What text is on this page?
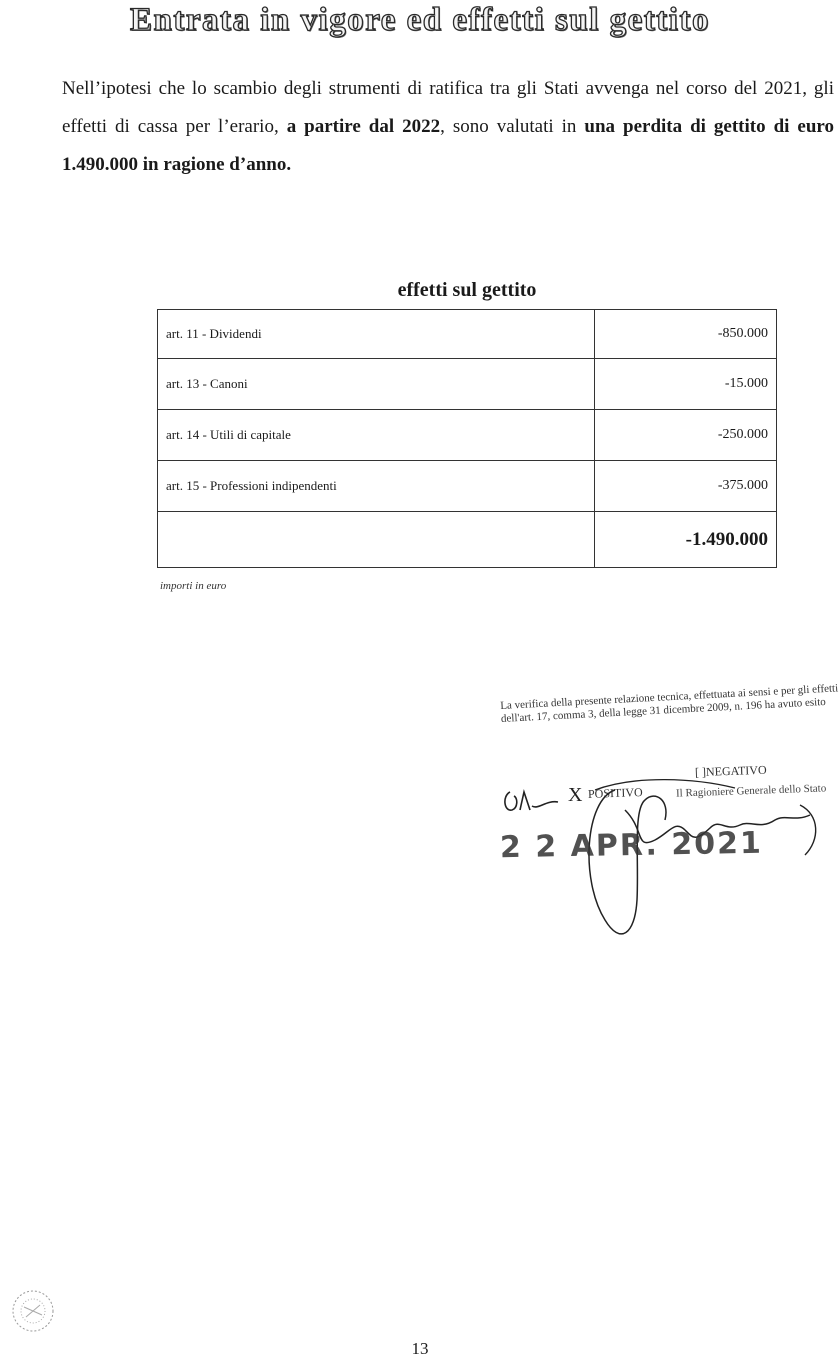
Entrata in vigore ed effetti sul gettito

Nell’ipotesi che lo scambio degli strumenti di ratifica tra gli Stati avvenga nel corso del 2021, gli effetti di cassa per l’erario, a partire dal 2022, sono valutati in una perdita di gettito di euro 1.490.000 in ragione d’anno.

effetti sul gettito
art. 11 - Dividendi	-850.000
art. 13 - Canoni	-15.000
art. 14 - Utili di capitale	-250.000
art. 15 - Professioni indipendenti	-375.000
	-1.490.000
importi in euro

La verifica della presente relazione tecnica, effettuata ai sensi e per gli effetti dell'art. 17, comma 3, della legge 31 dicembre 2009, n. 196 ha avuto esito

X POSITIVO
[ ]NEGATIVO
Il Ragioniere Generale dello Stato
2 2 APR. 2021
13
